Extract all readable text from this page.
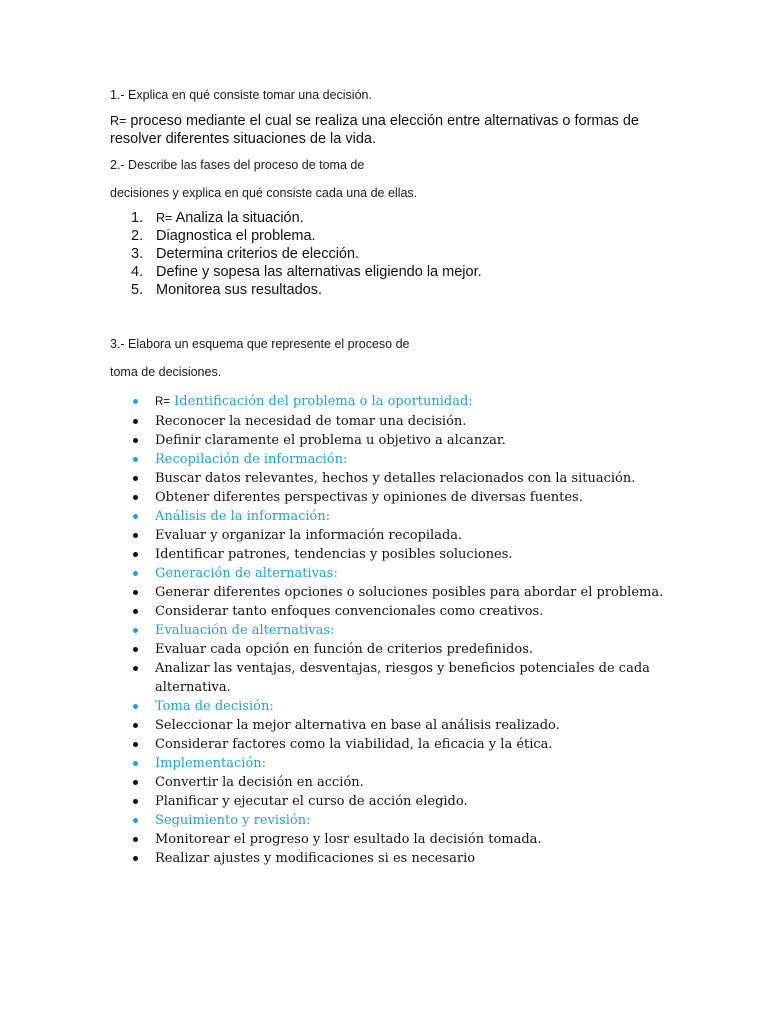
1.- Explica en qué consiste tomar una decisión.
R= proceso mediante el cual se realiza una elección entre alternativas o formas de resolver diferentes situaciones de la vida.
2.- Describe las fases del proceso de toma de
decisiones y explica en qué consiste cada una de ellas.
1. R= Analiza la situación.
2. Diagnostica el problema.
3. Determina criterios de elección.
4. Define y sopesa las alternativas eligiendo la mejor.
5. Monitorea sus resultados.
3.- Elabora un esquema que represente el proceso de
toma de decisiones.
R= Identificación del problema o la oportunidad:
Reconocer la necesidad de tomar una decisión.
Definir claramente el problema u objetivo a alcanzar.
Recopilación de información:
Buscar datos relevantes, hechos y detalles relacionados con la situación.
Obtener diferentes perspectivas y opiniones de diversas fuentes.
Análisis de la información:
Evaluar y organizar la información recopilada.
Identificar patrones, tendencias y posibles soluciones.
Generación de alternativas:
Generar diferentes opciones o soluciones posibles para abordar el problema.
Considerar tanto enfoques convencionales como creativos.
Evaluación de alternativas:
Evaluar cada opción en función de criterios predefinidos.
Analizar las ventajas, desventajas, riesgos y beneficios potenciales de cada alternativa.
Toma de decisión:
Seleccionar la mejor alternativa en base al análisis realizado.
Considerar factores como la viabilidad, la eficacia y la ética.
Implementación:
Convertir la decisión en acción.
Planificar y ejecutar el curso de acción elegido.
Seguimiento y revisión:
Monitorear el progreso y losr esultado la decisión tomada.
Realizar ajustes y modificaciones si es necesario
